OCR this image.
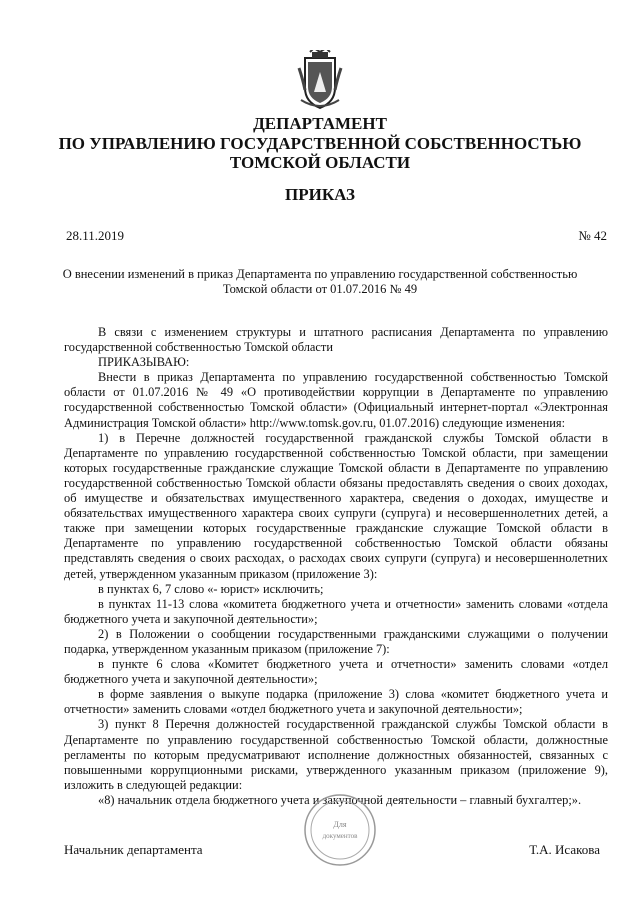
ДЕПАРТАМЕНТ
ПО УПРАВЛЕНИЮ ГОСУДАРСТВЕННОЙ СОБСТВЕННОСТЬЮ
ТОМСКОЙ ОБЛАСТИ
ПРИКАЗ
28.11.2019	№ 42
О внесении изменений в приказ Департамента по управлению государственной собственностью
Томской области от 01.07.2016 № 49

В связи с изменением структуры и штатного расписания Департамента по управлению государственной собственностью Томской области

ПРИКАЗЫВАЮ:

Внести в приказ Департамента по управлению государственной собственностью Томской области от 01.07.2016 № 49 «О противодействии коррупции в Департаменте по управлению государственной собственностью Томской области» (Официальный интернет-портал «Электронная Администрация Томской области» http://www.tomsk.gov.ru, 01.07.2016) следующие изменения:

1) в Перечне должностей государственной гражданской службы Томской области в Департаменте по управлению государственной собственностью Томской области, при замещении которых государственные гражданские служащие Томской области в Департаменте по управлению государственной собственностью Томской области обязаны предоставлять сведения о своих доходах, об имуществе и обязательствах имущественного характера, сведения о доходах, имуществе и обязательствах имущественного характера своих супруги (супруга) и несовершеннолетних детей, а также при замещении которых государственные гражданские служащие Томской области в Департаменте по управлению государственной собственностью Томской области обязаны представлять сведения о своих расходах, о расходах своих супруги (супруга) и несовершеннолетних детей, утвержденном указанным приказом (приложение 3):

в пунктах 6, 7 слово «- юрист» исключить;

в пунктах 11-13 слова «комитета бюджетного учета и отчетности» заменить словами «отдела бюджетного учета и закупочной деятельности»;

2) в Положении о сообщении государственными гражданскими служащими о получении подарка, утвержденном указанным приказом (приложение 7):

в пункте 6 слова «Комитет бюджетного учета и отчетности» заменить словами «отдел бюджетного учета и закупочной деятельности»;

в форме заявления о выкупе подарка (приложение 3) слова «комитет бюджетного учета и отчетности» заменить словами «отдел бюджетного учета и закупочной деятельности»;

3) пункт 8 Перечня должностей государственной гражданской службы Томской области в Департаменте по управлению государственной собственностью Томской области, должностные регламенты по которым предусматривают исполнение должностных обязанностей, связанных с повышенными коррупционными рисками, утвержденного указанным приказом (приложение 9), изложить в следующей редакции:

«8) начальник отдела бюджетного учета и закупочной деятельности – главный бухгалтер;».

Для
документов
Начальник департамента	Т.А. Исакова
